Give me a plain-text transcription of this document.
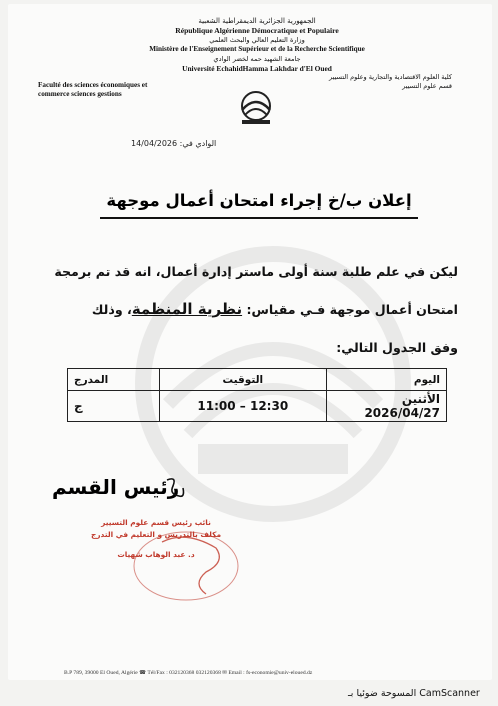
الجمهورية الجزائرية الديمقراطية الشعبية
République Algérienne Démocratique et Populaire
وزارة التعليم العالي والبحث العلمي
Ministère de l'Enseignement Supérieur et de la Recherche Scientifique
جامعة الشهيد حمه لخضر الوادي
Université EchahidHamma Lakhdar d'El Oued
Faculté des sciences économiques et
commerce sciences gestions
كلية العلوم الاقتصادية والتجارية وعلوم التسيير
قسم علوم التسيير
الوادي في: 14/04/2026
إعلان ب/خ إجراء امتحان أعمال موجهة
ليكن في علم طلبة سنة أولى ماستر إدارة أعمال، انه قد تم برمجة
امتحان أعمال موجهة فـي مقياس: نظرية المنظمة، وذلك
وفق الجدول التالي:
اليوم	التوقيت	المدرج
الأثنين 2026/04/27	11:00 – 12:30	ج
رئيس القسم
نائب رئيس قسم علوم التسيير
مكلف بالتدريس و التعليم في التدرج
د. عبد الوهاب شهيات
B.P 789, 39000 El Oued, Algérie ☎ Tél/Fax : 032120368 032120368 ✉ Email : fs-economie@univ-eloued.dz
المسوحة ضوئيا بـ CamScanner
